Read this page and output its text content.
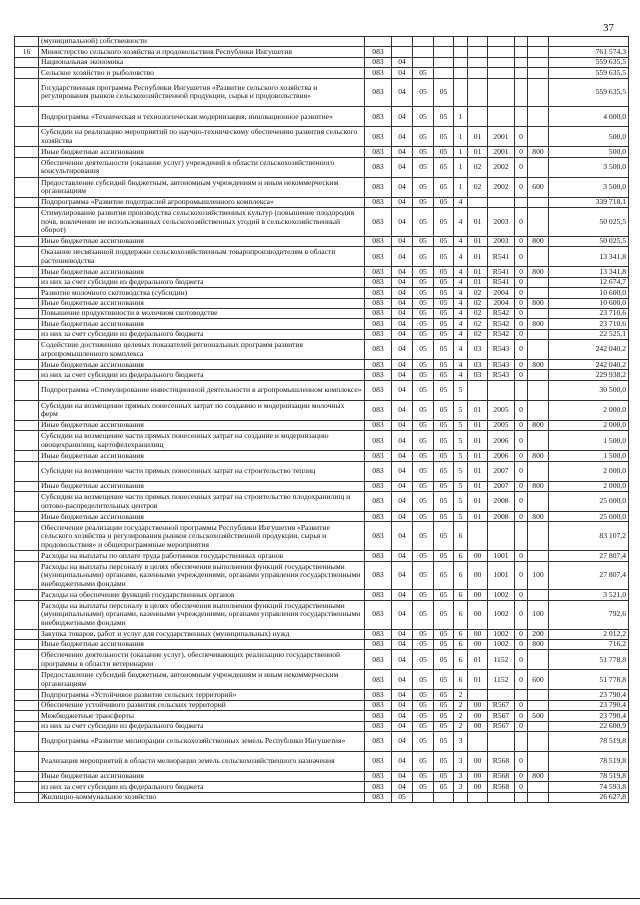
37
	(муниципальной) собственности										
16	Министерство сельского хозяйства и продовольствия Республики Ингушетия	083									761 574,3
	Национальная экономика	083	04								559 635,5
	Сельское хозяйство и рыболовство	083	04	05							559 635,5
	Государственная программа Республики Ингушетия «Развитие сельского хозяйства и регулирования рынков сельскохозяйственной продукции, сырья и продовольствия»	083	04	05	05						559 635,5
	Подпрограмма «Техническая и технологическая модернизация, инновационное развитие»	083	04	05	05	1					4 000,0
	Субсидии на реализацию мероприятий по научно-техническому обеспечению развития сельского хозяйства	083	04	05	05	1	01	2001	0		500,0
	Иные бюджетные ассигнования	083	04	05	05	1	01	2001	0	800	500,0
	Обеспечение деятельности (оказание услуг) учреждений в области сельскохозяйственного консультирования	083	04	05	05	1	02	2002	0		3 500,0
	Предоставление субсидий бюджетным, автономным учреждениям и иным некоммерческим организациям	083	04	05	05	1	02	2002	0	600	3 500,0
	Подпрограмма «Развитие подотраслей агропромышленного комплекса»	083	04	05	05	4					339 718,1
	Стимулирование развития производства сельскохозяйственных культур (повышение плодородия почв, вовлечение не использованных сельскохозяйственных угодий в сельскохозяйственный оборот)	083	04	05	05	4	01	2003	0		50 025,5
	Иные бюджетные ассигнования	083	04	05	05	4	01	2003	0	800	50 025,5
	Оказание несвязанной поддержки сельскохозяйственным товаропроизводителям в области растениеводства	083	04	05	05	4	01	R541	0		13 341,8
	Иные бюджетные ассигнования	083	04	05	05	4	01	R541	0	800	13 341,8
	из них за счет субсидии из федерального бюджета	083	04	05	05	4	01	R541	0		12 674,7
	Развитие молочного скотоводства (субсидии)	083	04	05	05	4	02	2004	0		10 600,0
	Иные бюджетные ассигнования	083	04	05	05	4	02	2004	0	800	10 600,0
	Повышение продуктивности в молочном скотоводстве	083	04	05	05	4	02	R542	0		23 710,6
	Иные бюджетные ассигнования	083	04	05	05	4	02	R542	0	800	23 710,6
	из них за счет субсидии из федерального бюджета	083	04	05	05	4	02	R542	0		22 525,1
	Содействие достижению целевых показателей региональных программ развития агропромышленного комплекса	083	04	05	05	4	03	R543	0		242 040,2
	Иные бюджетные ассигнования	083	04	05	05	4	03	R543	0	800	242 040,2
	из них за счет субсидии из федерального бюджета	083	04	05	05	4	03	R543	0		229 938,2
	Подпрограмма «Стимулирование инвестиционной деятельности в агропромышленном комплексе»	083	04	05	05	5					30 500,0
	Субсидии на возмещение прямых понесенных затрат по созданию и модернизации молочных ферм	083	04	05	05	5	01	2005	0		2 000,0
	Иные бюджетные ассигнования	083	04	05	05	5	01	2005	0	800	2 000,0
	Субсидии на возмещение части прямых понесенных затрат на создание и модернизацию овощехранилищ, картофелехранилищ	083	04	05	05	5	01	2006	0		1 500,0
	Иные бюджетные ассигнования	083	04	05	05	5	01	2006	0	800	1 500,0
	Субсидии на возмещение части прямых понесенных затрат на строительство теплиц	083	04	05	05	5	01	2007	0		2 000,0
	Иные бюджетные ассигнования	083	04	05	05	5	01	2007	0	800	2 000,0
	Субсидии на возмещение части прямых понесенных затрат на строительство плодохранилищ и оптово-распределительных центров	083	04	05	05	5	01	2008	0		25 000,0
	Иные бюджетные ассигнования	083	04	05	05	5	01	2008	0	800	25 000,0
	Обеспечение реализации государственной программы Республики Ингушетия «Развитие сельского хозяйства и регулирования рынков сельскохозяйственной продукции, сырья и продовольствия» и общепрограммные мероприятия	083	04	05	05	6					83 107,2
	Расходы на выплаты по оплате труда работников государственных органов	083	04	05	05	6	00	1001	0		27 807,4
	Расходы на выплаты персоналу в целях обеспечения выполнения функций государственными (муниципальными) органами, казенными учреждениями, органами управления государственными внебюджетными фондами	083	04	05	05	6	00	1001	0	100	27 807,4
	Расходы на обеспечение функций государственных органов	083	04	05	05	6	00	1002	0		3 521,0
	Расходы на выплаты персоналу в целях обеспечения выполнения функций государственными (муниципальными) органами, казенными учреждениями, органами управления государственными внебюджетными фондами	083	04	05	05	6	00	1002	0	100	792,6
	Закупка товаров, работ и услуг для государственных (муниципальных) нужд	083	04	05	05	6	00	1002	0	200	2 012,2
	Иные бюджетные ассигнования	083	04	05	05	6	00	1002	0	800	716,2
	Обеспечение деятельности (оказание услуг), обеспечивающих реализацию государственной программы в области ветеринарии	083	04	05	05	6	01	1152	0		51 778,8
	Предоставление субсидий бюджетным, автономным учреждениям и иным некоммерческим организациям	083	04	05	05	6	01	1152	0	600	51 778,8
	Подпрограмма «Устойчивое развитие сельских территорий»	083	04	05	05	2					23 790,4
	Обеспечение устойчивого развития сельских территорий	083	04	05	05	2	00	R567	0		23 790,4
	Межбюджетные трансферты	083	04	05	05	2	00	R567	0	500	23 790,4
	из них за счет субсидии из федерального бюджета	083	04	05	05	2	00	R567	0		22 600,9
	Подпрограмма «Развитие мелиорации сельскохозяйственных земель Республики Ингушетия»	083	04	05	05	3					78 519,8
	Реализация мероприятий в области мелиорации земель сельскохозяйственного назначения	083	04	05	05	3	00	R568	0		78 519,8
	Иные бюджетные ассигнования	083	04	05	05	3	00	R568	0	800	78 519,8
	из них за счет субсидии из федерального бюджета	083	04	05	05	3	00	R568	0		74 593,8
	Жилищно-коммунальное хозяйство	083	05								26 627,8
